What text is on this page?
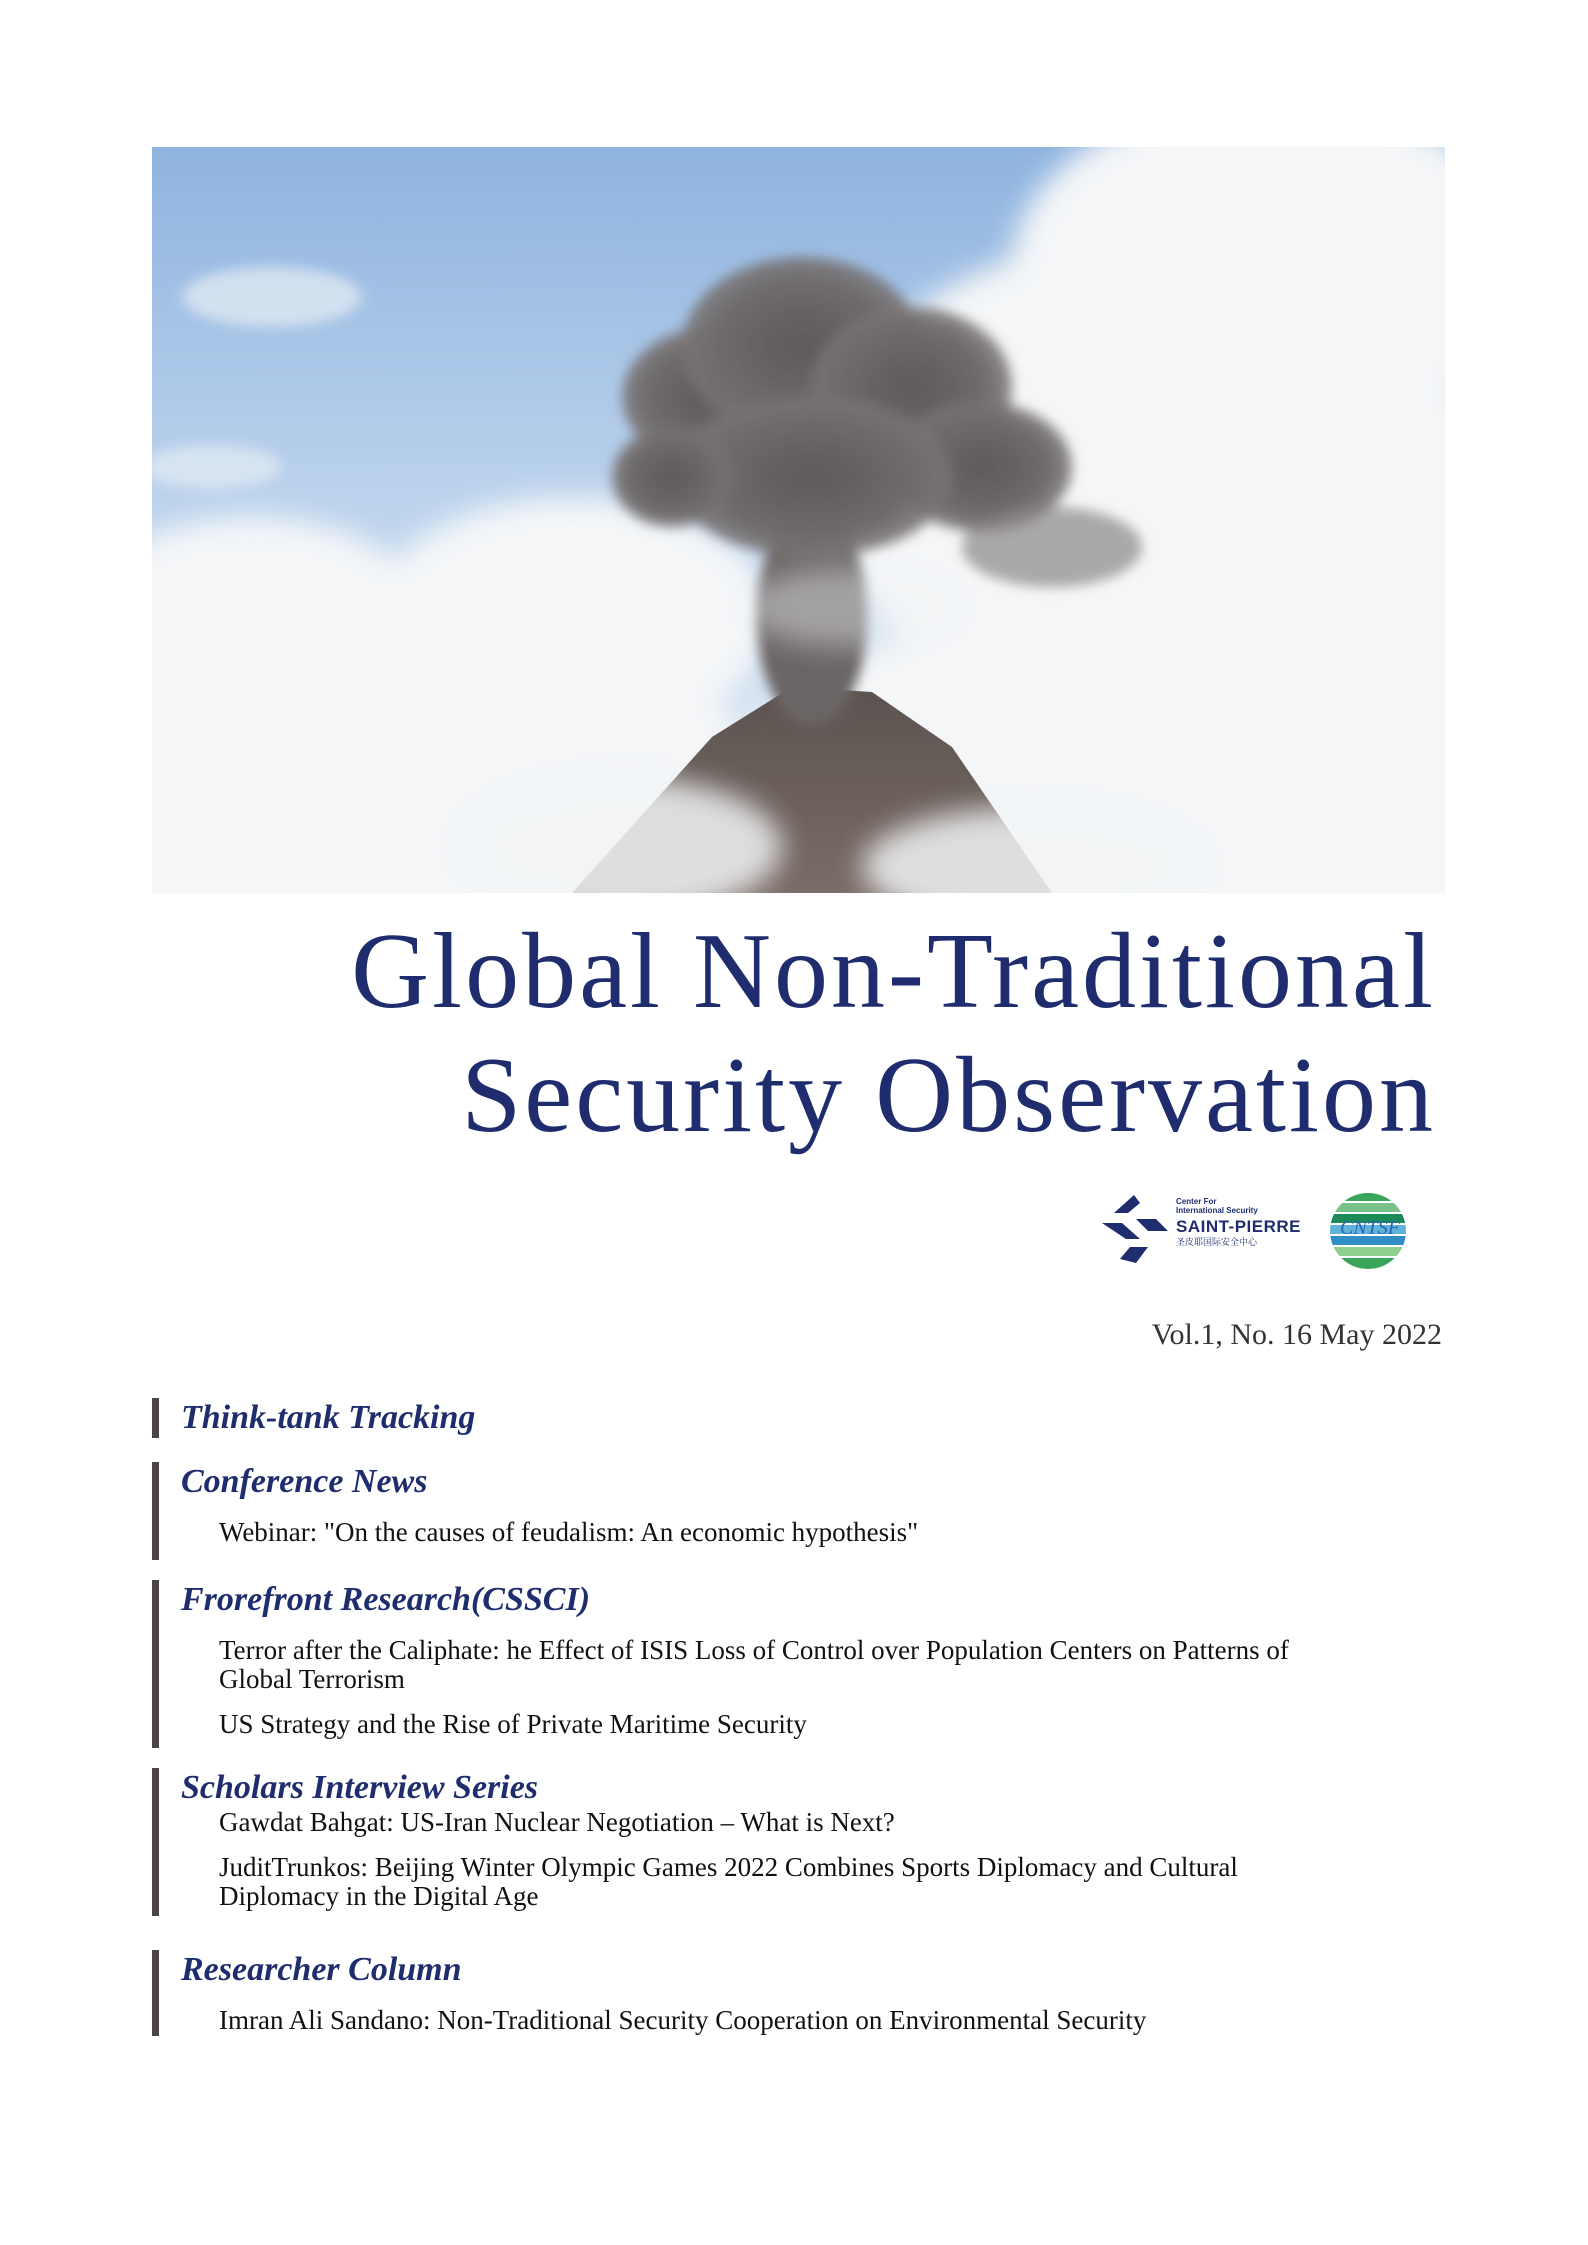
Global Non-Traditional
Security Observation
Center For
International Security
SAINT-PIERRE
圣皮耶国际安全中心
CNTSF
Vol.1, No. 16 May 2022
Think-tank Tracking
Conference News
Webinar: "On the causes of feudalism: An economic hypothesis"
Frorefront Research(CSSCI)
Terror after the Caliphate: he Effect of ISIS Loss of Control over Population Centers on Patterns of
Global Terrorism
US Strategy and the Rise of Private Maritime Security
Scholars Interview Series
Gawdat Bahgat: US-Iran Nuclear Negotiation – What is Next?
JuditTrunkos: Beijing Winter Olympic Games 2022 Combines Sports Diplomacy and Cultural
Diplomacy in the Digital Age
Researcher Column
Imran Ali Sandano: Non-Traditional Security Cooperation on Environmental Security
